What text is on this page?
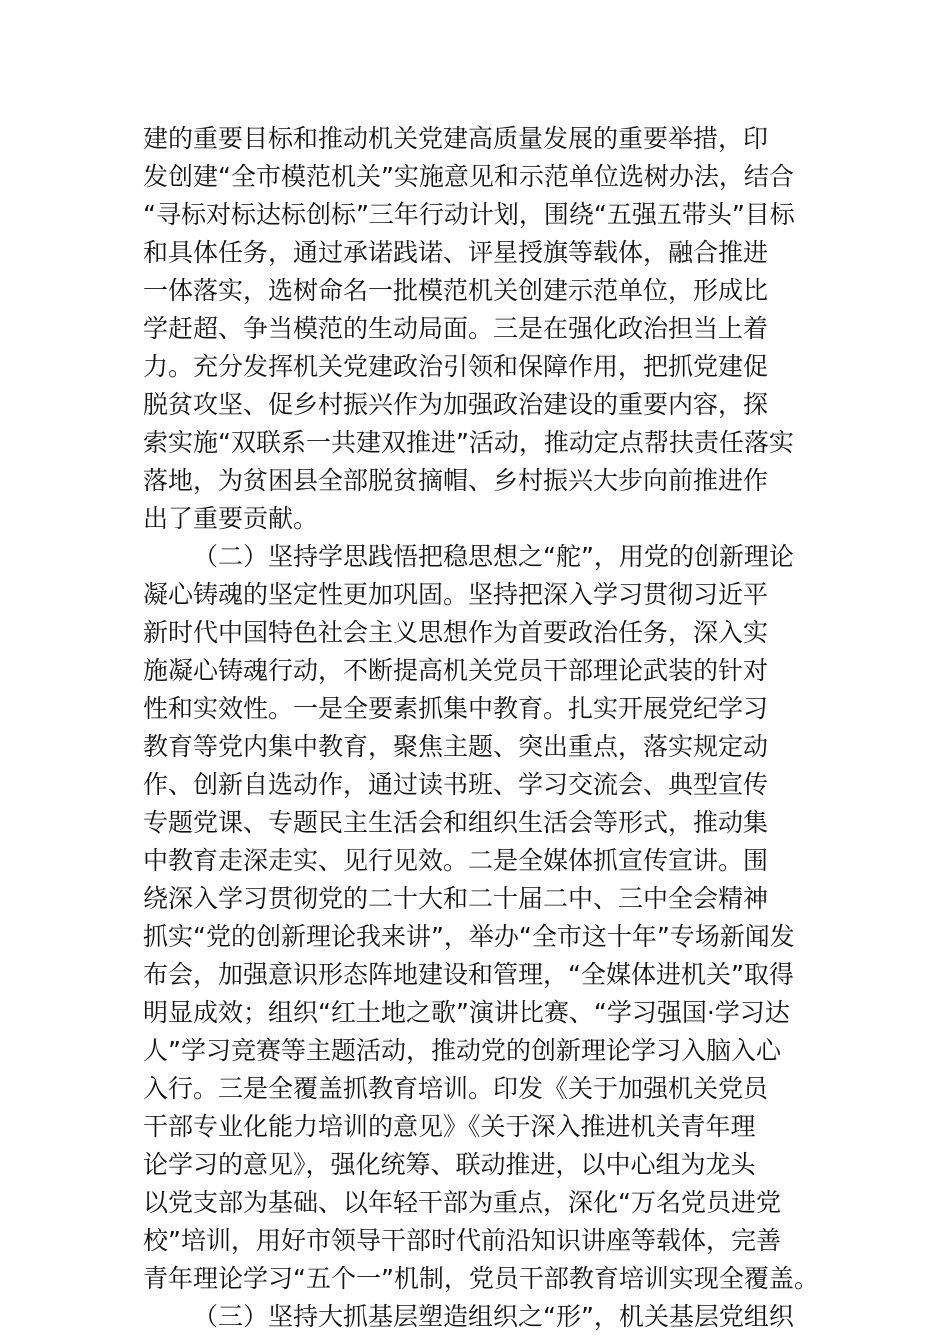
建的重要目标和推动机关党建高质量发展的重要举措，印
发创建“全市模范机关”实施意见和示范单位选树办法，结合
“寻标对标达标创标”三年行动计划，围绕“五强五带头”目标
和具体任务，通过承诺践诺、评星授旗等载体，融合推进
一体落实，选树命名一批模范机关创建示范单位，形成比
学赶超、争当模范的生动局面。三是在强化政治担当上着
力。充分发挥机关党建政治引领和保障作用，把抓党建促
脱贫攻坚、促乡村振兴作为加强政治建设的重要内容，探
索实施“双联系一共建双推进”活动，推动定点帮扶责任落实
落地，为贫困县全部脱贫摘帽、乡村振兴大步向前推进作
出了重要贡献。
（二）坚持学思践悟把稳思想之“舵”，用党的创新理论
凝心铸魂的坚定性更加巩固。坚持把深入学习贯彻习近平
新时代中国特色社会主义思想作为首要政治任务，深入实
施凝心铸魂行动，不断提高机关党员干部理论武装的针对
性和实效性。一是全要素抓集中教育。扎实开展党纪学习
教育等党内集中教育，聚焦主题、突出重点，落实规定动
作、创新自选动作，通过读书班、学习交流会、典型宣传
专题党课、专题民主生活会和组织生活会等形式，推动集
中教育走深走实、见行见效。二是全媒体抓宣传宣讲。围
绕深入学习贯彻党的二十大和二十届二中、三中全会精神
抓实“党的创新理论我来讲”，举办“全市这十年”专场新闻发
布会，加强意识形态阵地建设和管理，“全媒体进机关”取得
明显成效；组织“红土地之歌”演讲比赛、“学习强国·学习达
人”学习竞赛等主题活动，推动党的创新理论学习入脑入心
入行。三是全覆盖抓教育培训。印发《关于加强机关党员
干部专业化能力培训的意见》《关于深入推进机关青年理
论学习的意见》，强化统筹、联动推进，以中心组为龙头
以党支部为基础、以年轻干部为重点，深化“万名党员进党
校”培训，用好市领导干部时代前沿知识讲座等载体，完善
青年理论学习“五个一”机制，党员干部教育培训实现全覆盖。
（三）坚持大抓基层塑造组织之“形”，机关基层党组织
